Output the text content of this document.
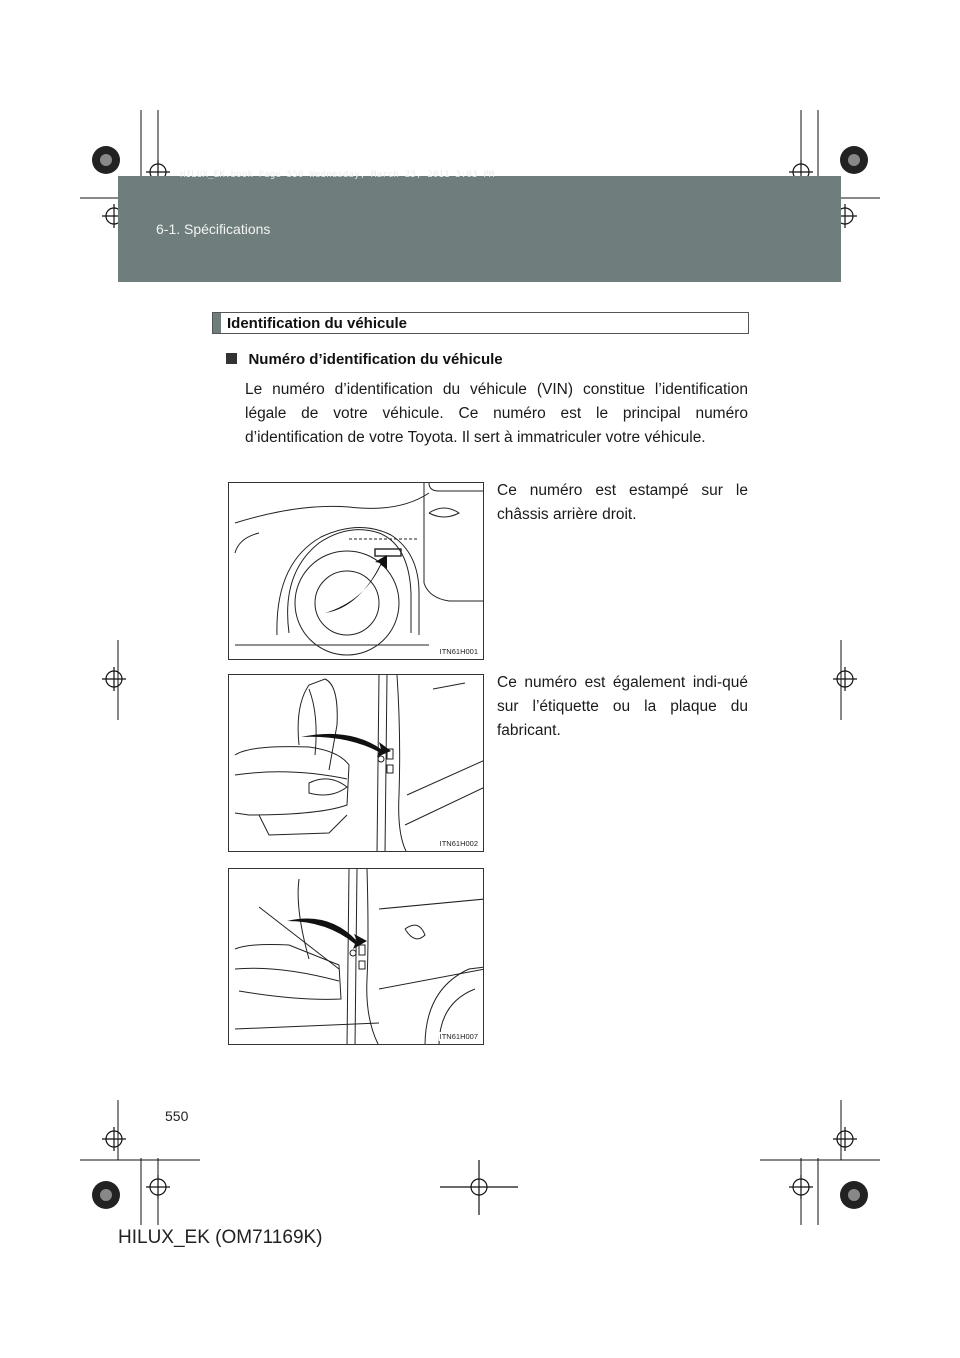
HILUX_EK.book Page 550 Wednesday, March 23, 2011 3:03 PM
6-1. Spécifications
Identification du véhicule
Numéro d’identification du véhicule
Le numéro d’identification du véhicule (VIN) constitue l’identification légale de votre véhicule. Ce numéro est le principal numéro d’identification de votre Toyota. Il sert à immatriculer votre véhicule.
ITN61H001
Ce numéro est estampé sur le châssis arrière droit.
ITN61H002
Ce numéro est également indi-qué sur l’étiquette ou la plaque du fabricant.
ITN61H007
550
HILUX_EK (OM71169K)
